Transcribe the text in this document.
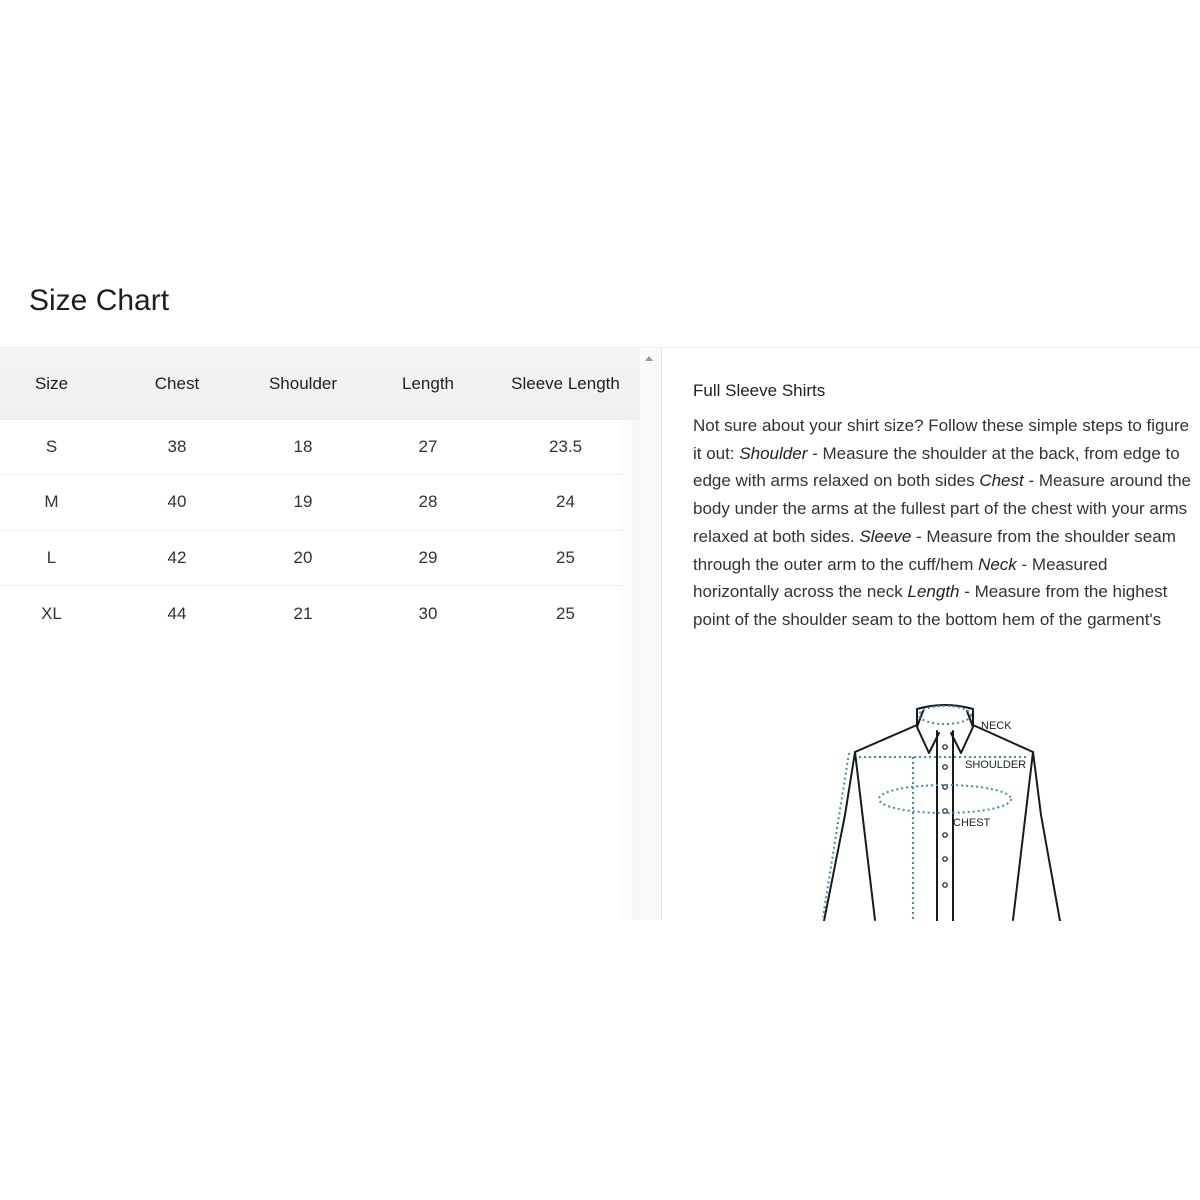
Size Chart
Size	Chest	Shoulder	Length	Sleeve Length
S	38	18	27	23.5
M	40	19	28	24
L	42	20	29	25
XL	44	21	30	25
Full Sleeve Shirts
Not sure about your shirt size? Follow these simple steps to figure it out: Shoulder - Measure the shoulder at the back, from edge to edge with arms relaxed on both sides Chest - Measure around the body under the arms at the fullest part of the chest with your arms relaxed at both sides. Sleeve - Measure from the shoulder seam through the outer arm to the cuff/hem Neck - Measured horizontally across the neck Length - Measure from the highest point of the shoulder seam to the bottom hem of the garment's
NECK
SHOULDER
CHEST
